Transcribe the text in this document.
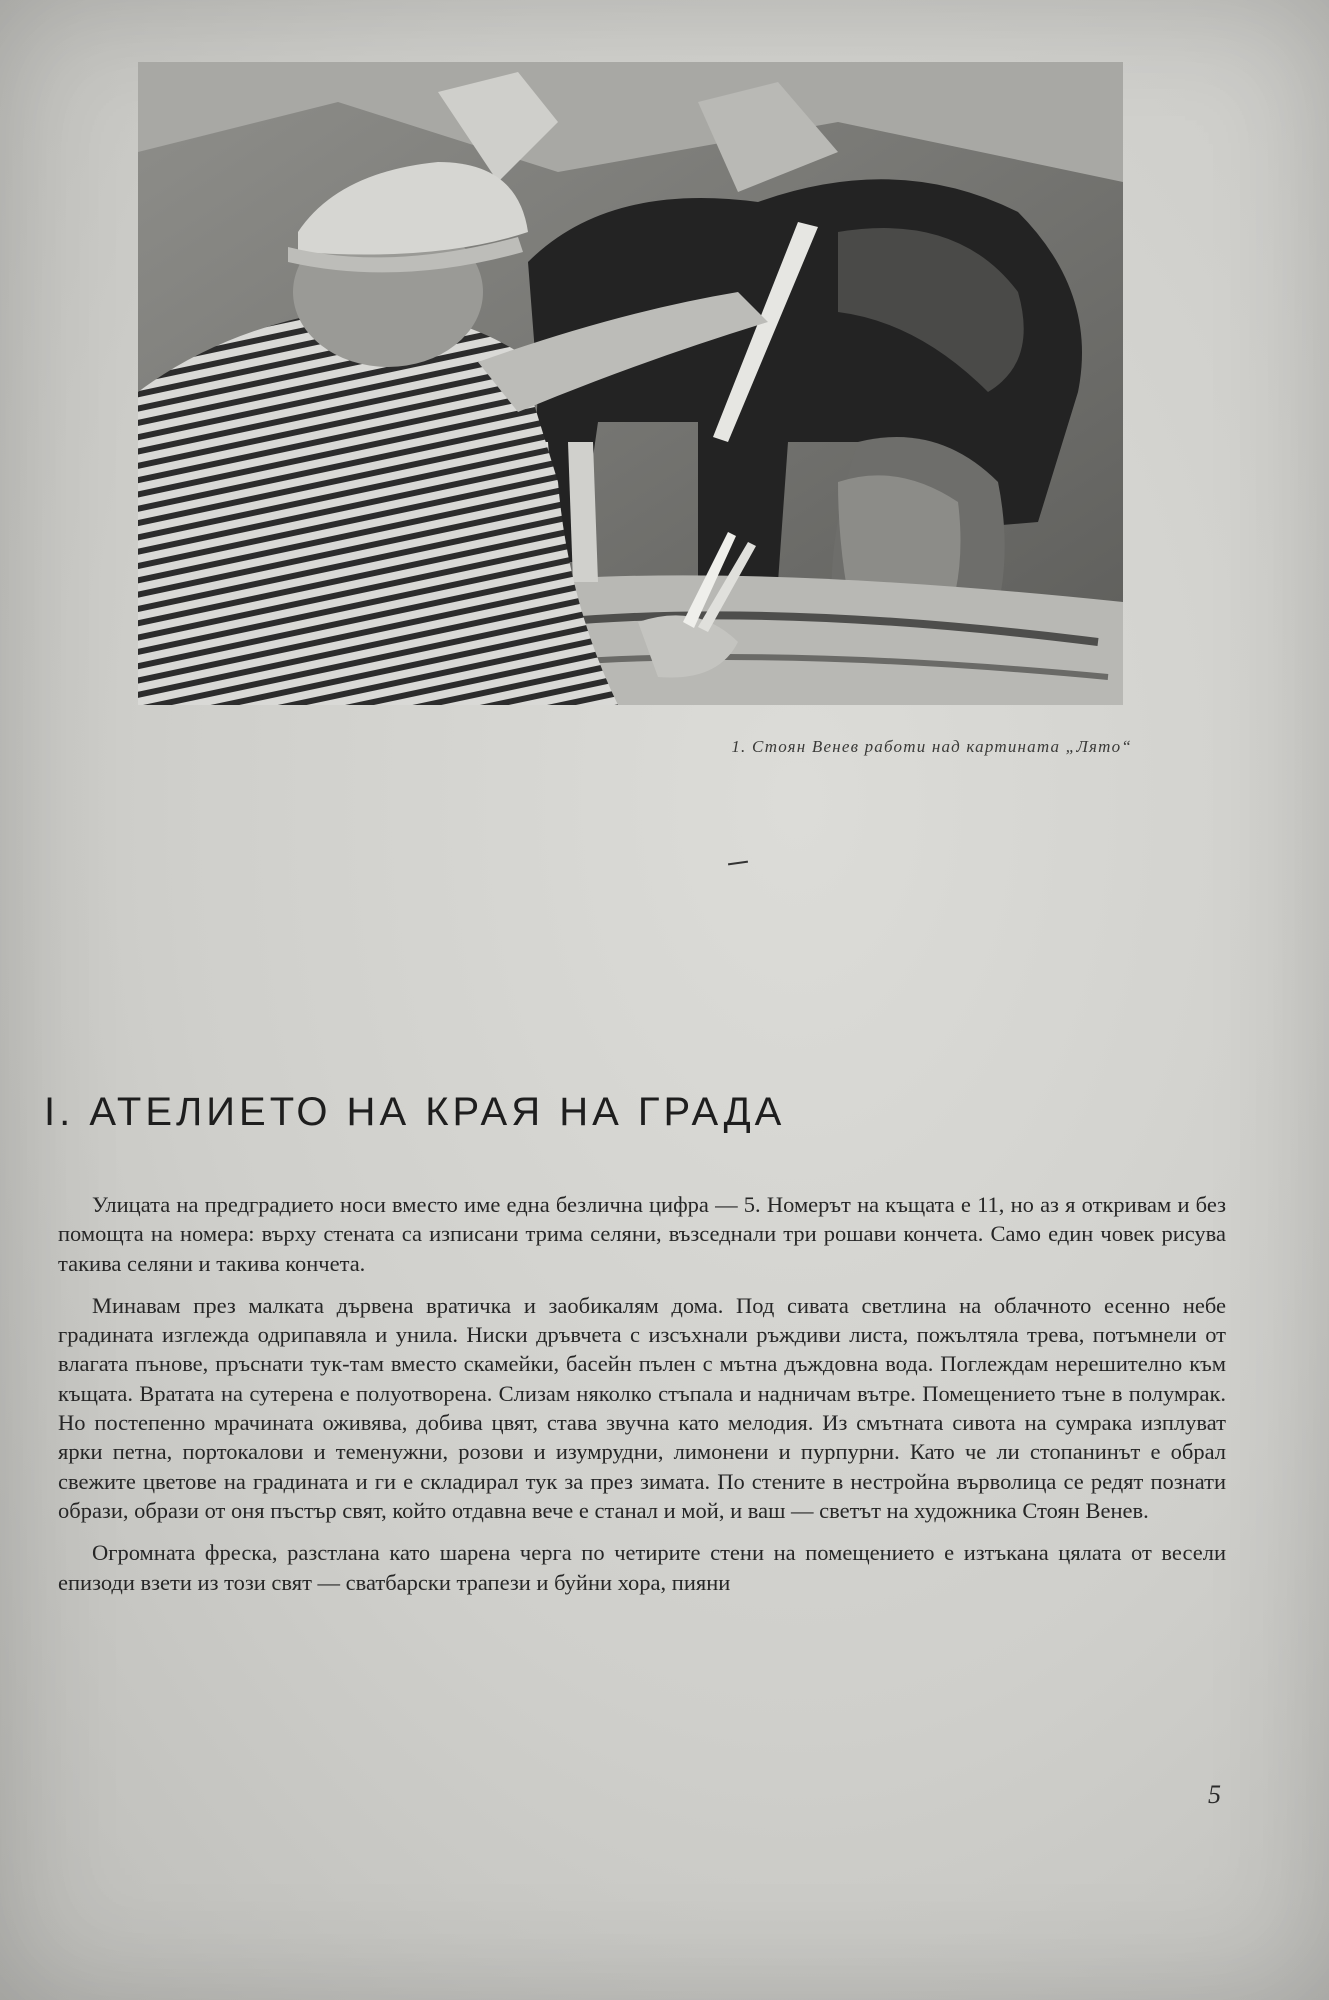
1. Стоян Венев работи над картината „Лято“
I. АТЕЛИЕТО НА КРАЯ НА ГРАДА

Улицата на предградието носи вместо име една безлична цифра — 5. Номерът на къщата е 11, но аз я откривам и без помощта на номера: върху стената са изписани трима селяни, възседнали три рошави кончета. Само един човек рисува такива селяни и такива кончета.

Минавам през малката дървена вратичка и заобикалям дома. Под сивата светлина на облачното есенно небе градината изглежда одрипавяла и унила. Ниски дръвчета с изсъхнали ръждиви листа, пожълтяла трева, потъмнели от влагата пънове, пръснати тук-там вместо скамейки, басейн пълен с мътна дъждовна вода. Поглеждам нерешително към къщата. Вратата на сутерена е полуотворена. Слизам няколко стъпала и надничам вътре. Помещението тъне в полумрак. Но постепенно мрачината оживява, добива цвят, става звучна като мелодия. Из смътната сивота на сумрака изплуват ярки петна, портокалови и теменужни, розови и изумрудни, лимонени и пурпурни. Като че ли стопанинът е обрал свежите цветове на градината и ги е складирал тук за през зимата. По стените в нестройна върволица се редят познати образи, образи от оня пъстър свят, който отдавна вече е станал и мой, и ваш — светът на художника Стоян Венев.

Огромната фреска, разстлана като шарена черга по четирите стени на помещението е изтъкана цялата от весели епизоди взети из този свят — сватбарски трапези и буйни хора, пияни

5
